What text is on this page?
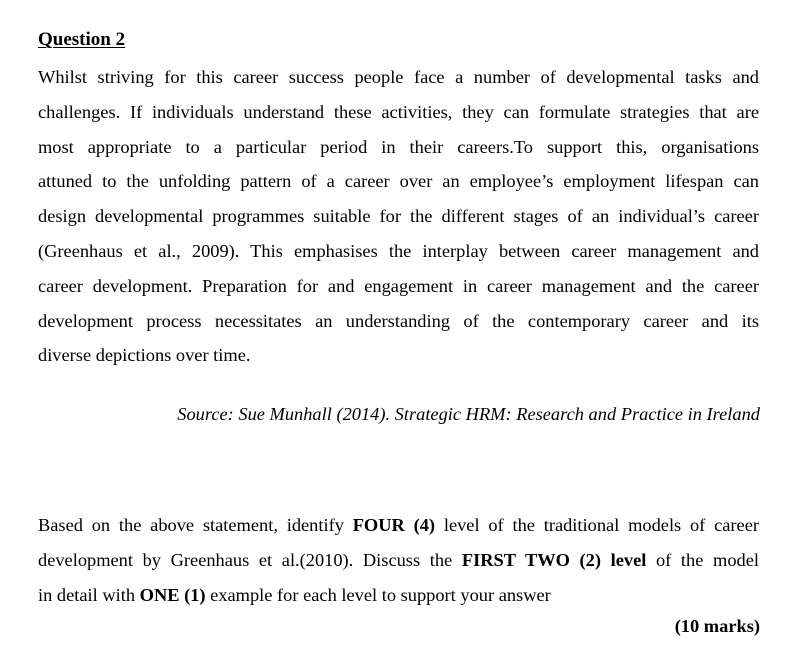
Question 2

Whilst striving for this career success people face a number of developmental tasks and
challenges. If individuals understand these activities, they can formulate strategies that are
most appropriate to a particular period in their careers.To support this, organisations
attuned to the unfolding pattern of a career over an employee’s employment lifespan can
design developmental programmes suitable for the different stages of an individual’s career
(Greenhaus et al., 2009). This emphasises the interplay between career management and
career development. Preparation for and engagement in career management and the career
development process necessitates an understanding of the contemporary career and its
diverse depictions over time.

Source: Sue Munhall (2014). Strategic HRM: Research and Practice in Ireland

Based on the above statement, identify FOUR (4) level of the traditional models of career
development by Greenhaus et al.(2010). Discuss the FIRST TWO (2) level of the model
in detail with ONE (1) example for each level to support your answer

(10 marks)
